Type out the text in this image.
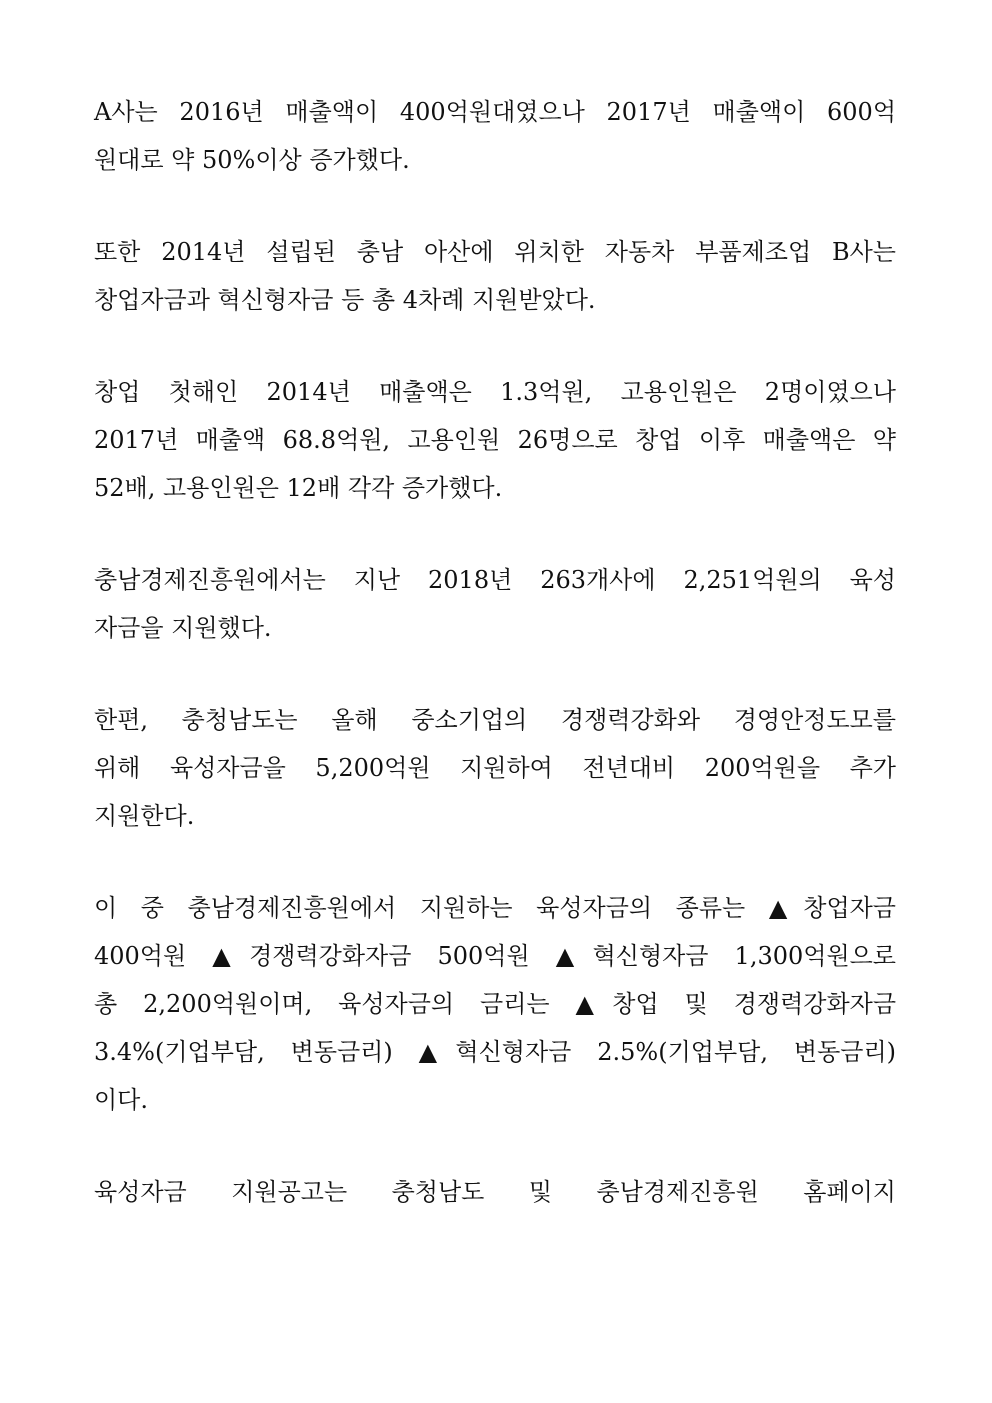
A사는 2016년 매출액이 400억원대였으나 2017년 매출액이 600억
원대로 약 50%이상 증가했다.
또한 2014년 설립된 충남 아산에 위치한 자동차 부품제조업 B사는
창업자금과 혁신형자금 등 총 4차례 지원받았다.
창업 첫해인 2014년 매출액은 1.3억원, 고용인원은 2명이였으나
2017년 매출액 68.8억원, 고용인원 26명으로 창업 이후 매출액은 약
52배, 고용인원은 12배 각각 증가했다.
충남경제진흥원에서는 지난 2018년 263개사에 2,251억원의 육성
자금을 지원했다.
한편, 충청남도는 올해 중소기업의 경쟁력강화와 경영안정도모를
위해 육성자금을 5,200억원 지원하여 전년대비 200억원을 추가
지원한다.
이 중 충남경제진흥원에서 지원하는 육성자금의 종류는 ▲창업자금
400억원 ▲경쟁력강화자금 500억원 ▲혁신형자금 1,300억원으로
총 2,200억원이며, 육성자금의 금리는 ▲창업 및 경쟁력강화자금
3.4%(기업부담, 변동금리) ▲혁신형자금 2.5%(기업부담, 변동금리)
이다.
육성자금 지원공고는 충청남도 및 충남경제진흥원 홈페이지
